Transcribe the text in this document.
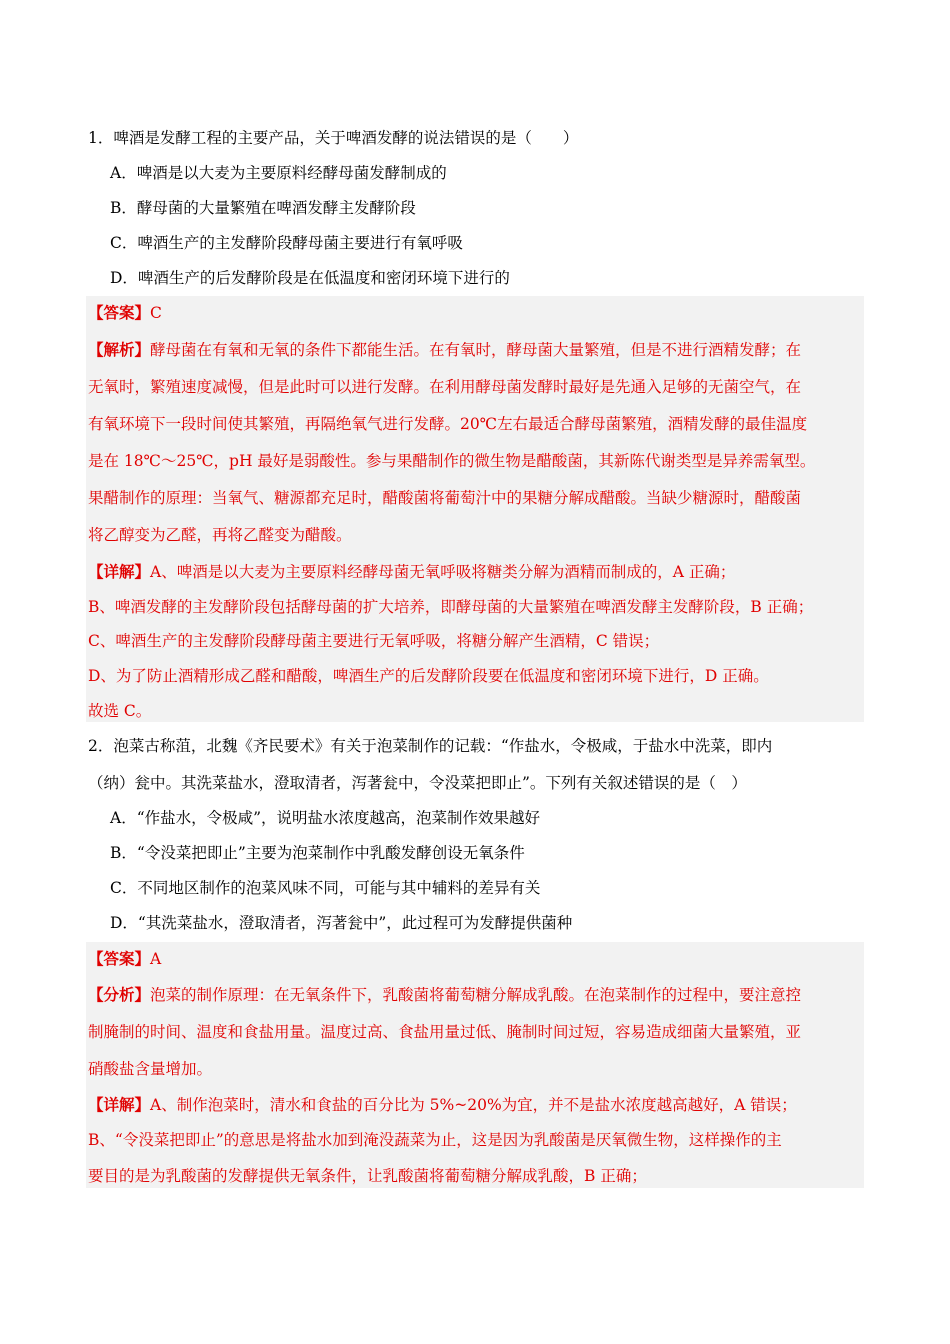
1．啤酒是发酵工程的主要产品，关于啤酒发酵的说法错误的是（　　）
A．啤酒是以大麦为主要原料经酵母菌发酵制成的
B．酵母菌的大量繁殖在啤酒发酵主发酵阶段
C．啤酒生产的主发酵阶段酵母菌主要进行有氧呼吸
D．啤酒生产的后发酵阶段是在低温度和密闭环境下进行的
【答案】C
【解析】酵母菌在有氧和无氧的条件下都能生活。在有氧时，酵母菌大量繁殖，但是不进行酒精发酵；在
无氧时，繁殖速度减慢，但是此时可以进行发酵。在利用酵母菌发酵时最好是先通入足够的无菌空气，在
有氧环境下一段时间使其繁殖，再隔绝氧气进行发酵。20℃左右最适合酵母菌繁殖，酒精发酵的最佳温度
是在 18℃～25℃，pH 最好是弱酸性。参与果醋制作的微生物是醋酸菌，其新陈代谢类型是异养需氧型。
果醋制作的原理：当氧气、糖源都充足时，醋酸菌将葡萄汁中的果糖分解成醋酸。当缺少糖源时，醋酸菌
将乙醇变为乙醛，再将乙醛变为醋酸。
【详解】A、啤酒是以大麦为主要原料经酵母菌无氧呼吸将糖类分解为酒精而制成的，A 正确；
B、啤酒发酵的主发酵阶段包括酵母菌的扩大培养，即酵母菌的大量繁殖在啤酒发酵主发酵阶段，B 正确；
C、啤酒生产的主发酵阶段酵母菌主要进行无氧呼吸，将糖分解产生酒精，C 错误；
D、为了防止酒精形成乙醛和醋酸，啤酒生产的后发酵阶段要在低温度和密闭环境下进行，D 正确。
故选 C。
2．泡菜古称菹，北魏《齐民要术》有关于泡菜制作的记载：“作盐水，令极咸，于盐水中洗菜，即内
（纳）瓮中。其洗菜盐水，澄取清者，泻著瓮中，令没菜把即止”。下列有关叙述错误的是（　）
A．“作盐水，令极咸”，说明盐水浓度越高，泡菜制作效果越好
B．“令没菜把即止”主要为泡菜制作中乳酸发酵创设无氧条件
C．不同地区制作的泡菜风味不同，可能与其中辅料的差异有关
D．“其洗菜盐水，澄取清者，泻著瓮中”，此过程可为发酵提供菌种
【答案】A
【分析】泡菜的制作原理：在无氧条件下，乳酸菌将葡萄糖分解成乳酸。在泡菜制作的过程中，要注意控
制腌制的时间、温度和食盐用量。温度过高、食盐用量过低、腌制时间过短，容易造成细菌大量繁殖，亚
硝酸盐含量增加。
【详解】A、制作泡菜时，清水和食盐的百分比为 5%~20%为宜，并不是盐水浓度越高越好，A 错误；
B、“令没菜把即止”的意思是将盐水加到淹没蔬菜为止，这是因为乳酸菌是厌氧微生物，这样操作的主
要目的是为乳酸菌的发酵提供无氧条件，让乳酸菌将葡萄糖分解成乳酸，B 正确；
